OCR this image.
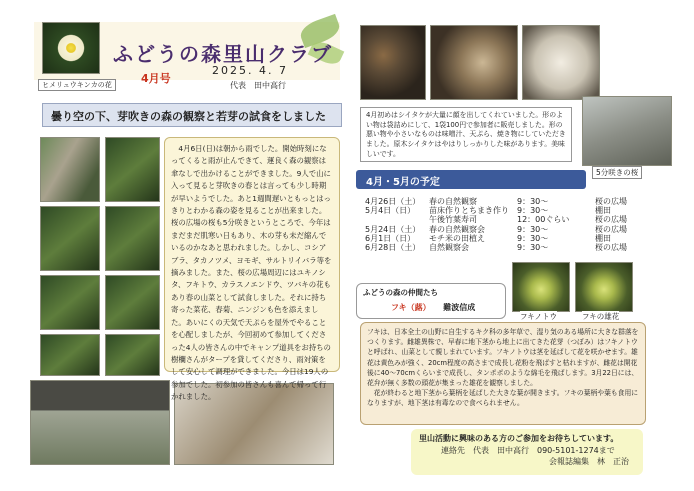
ヒメリュウキンカの花
ふどうの森里山クラブ
4月号
2025. 4. 7
代表　田中高行
曇り空の下、芽吹きの森の観察と若芽の試食をしました
　4月6日(日)は朝から雨でした。開始時刻になってくると雨が止んできて、運良く森の観察は傘なしで出かけることができました。9人で山に入って見ると芽吹きの春とは言っても少し時期が早いようでした。あと1週間遅いともっとはっきりとわかる森の姿を見ることが出来ました。桜の広場の桜も5分咲きというところで、今年はまだまだ肌寒い日もあり、木の芽も未だ縮んでいるのかなあと思われました。しかし、コシアブラ、タカノツメ、ヨモギ、サルトリイバラ等を摘みました。また、桜の広場周辺にはユキノシタ、フキトウ、カラスノエンドウ、ツバキの花もあり春の山菜として試食しました。それに持ち寄った菜花、春菊、ニンジンも色を添えました。あいにくの天気で天ぷらを屋外でやることを心配しましたが、今回初めて参加してくださった4人の皆さんの中でキャンプ道具をお持ちの樹欄さんがタープを貸してくださり、雨対策をして安心して調理ができました。今日は19人の参加でした。初参加の皆さんも喜んで帰って行かれました。
4月初めはシイタケが大量に顔を出してくれていました。形のよい物は袋詰めにして、1袋100円で参加者に販売しました。形の悪い物や小さいなものは味噌汁、天ぷら、焼き物にしていただきました。原木シイタケはやはりしっかりした味があります。美味しいです。
5分咲きの桜
4月・5月の予定
4月26日（土）	春の自然観察	9：30～	桜の広場
5月4日（日）	苗床作りとちまき作り	9：30～	棚田
午後竹葉寿司	12：00ぐらい	桜の広場
5月24日（土）	春の自然観察会	9：30～	桜の広場
6月1日（日）	モチ米の田植え	9：30～	棚田
6月28日（土）	自然観察会	9：30～	桜の広場
ふどうの森の仲間たち
フキ（蕗） 難波信成
フキノトウ	フキの雄花
フキは、日本全土の山野に自生するキク科の多年草で、湿り気のある場所に大きな群落をつくります。雌雄異株で、早春に地下茎から地上に出てきた花芽（つぼみ）はフキノトウと呼ばれ、山菜として親しまれています。フキノトウは茎を延ばして花を咲かせます。雄花は黄色みが強く、20cm程度の高さまで成長し花粉を飛ばすと枯れますが、雌花は開花後に40～70cmくらいまで成長し、タンポポのような綿毛を飛ばします。3月22日には、花弁が無く多数の頭花が集まった雄花を観察しました。
　花が終わると地下茎から葉柄を延ばした大きな葉が開きます。フキの葉柄や葉も食用になりますが、地下茎は有毒なので食べられません。
里山活動に興味のある方のご参加をお待ちしています。
連絡先　代表　田中高行　090-5101-1274まで
会報誌編集　林　正治
